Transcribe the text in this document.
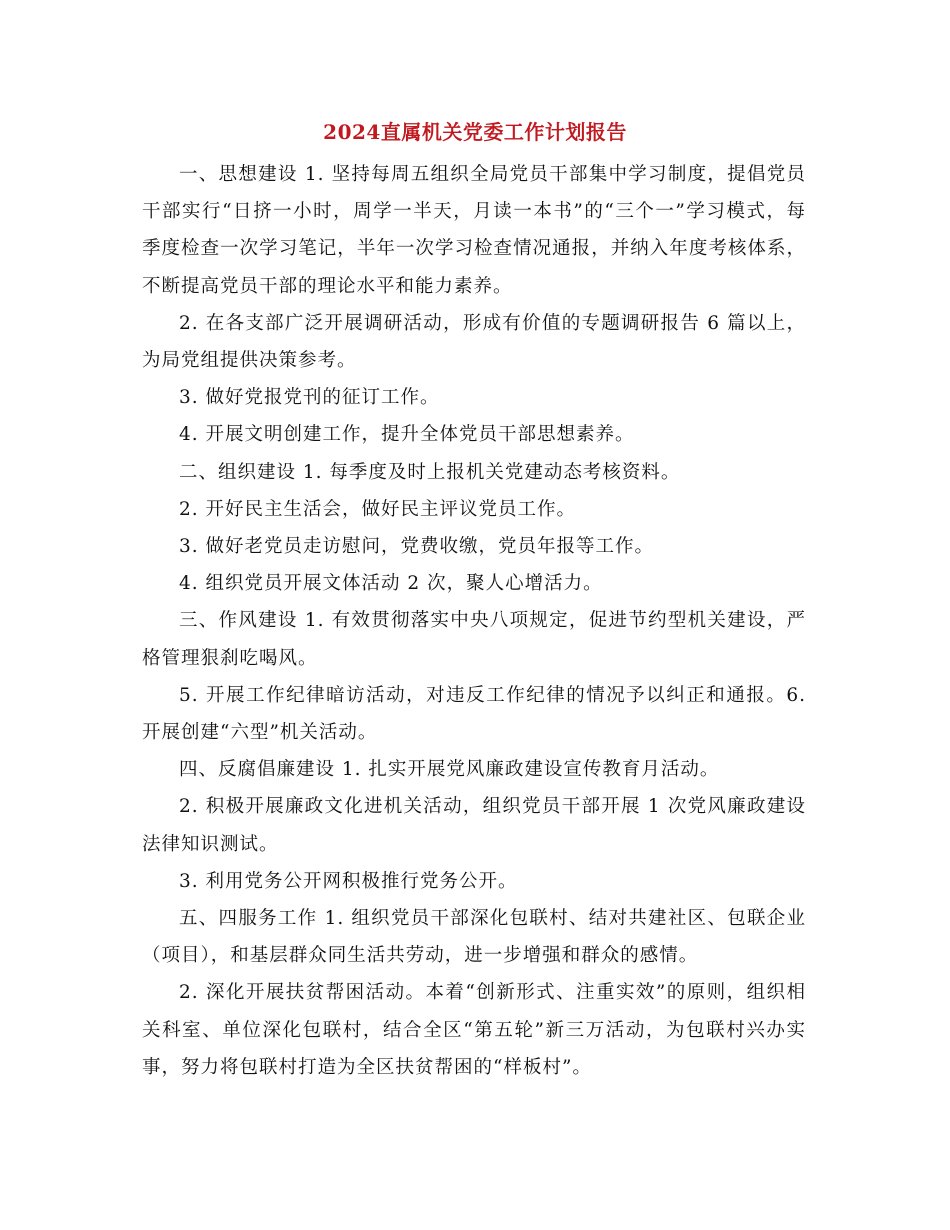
2024直属机关党委工作计划报告

一、思想建设 1. 坚持每周五组织全局党员干部集中学习制度，提倡党员干部实行“日挤一小时，周学一半天，月读一本书”的“三个一”学习模式，每季度检查一次学习笔记，半年一次学习检查情况通报，并纳入年度考核体系，不断提高党员干部的理论水平和能力素养。

2. 在各支部广泛开展调研活动，形成有价值的专题调研报告 6 篇以上，为局党组提供决策参考。

3. 做好党报党刊的征订工作。

4. 开展文明创建工作，提升全体党员干部思想素养。

二、组织建设 1. 每季度及时上报机关党建动态考核资料。

2. 开好民主生活会，做好民主评议党员工作。

3. 做好老党员走访慰问，党费收缴，党员年报等工作。

4. 组织党员开展文体活动 2 次，聚人心增活力。

三、作风建设 1. 有效贯彻落实中央八项规定，促进节约型机关建设，严格管理狠刹吃喝风。

5. 开展工作纪律暗访活动，对违反工作纪律的情况予以纠正和通报。6. 开展创建“六型”机关活动。

四、反腐倡廉建设 1. 扎实开展党风廉政建设宣传教育月活动。

2. 积极开展廉政文化进机关活动，组织党员干部开展 1 次党风廉政建设法律知识测试。

3. 利用党务公开网积极推行党务公开。

五、四服务工作 1. 组织党员干部深化包联村、结对共建社区、包联企业（项目），和基层群众同生活共劳动，进一步增强和群众的感情。

2. 深化开展扶贫帮困活动。本着“创新形式、注重实效”的原则，组织相关科室、单位深化包联村，结合全区“第五轮”新三万活动，为包联村兴办实事，努力将包联村打造为全区扶贫帮困的“样板村”。
